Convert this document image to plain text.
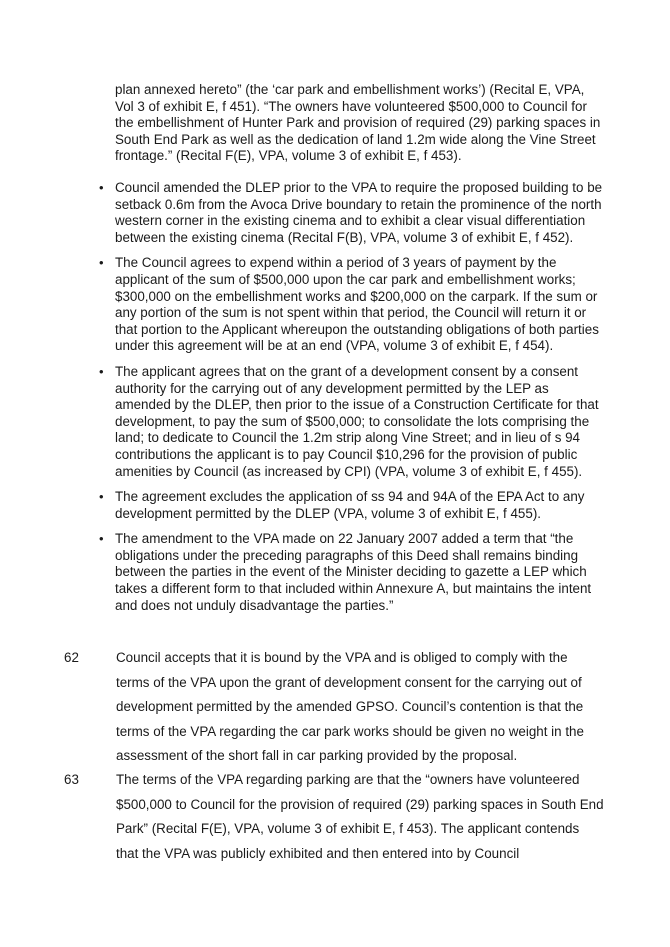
plan annexed hereto” (the ‘car park and embellishment works’) (Recital E, VPA, Vol 3 of exhibit E, f 451). “The owners have volunteered $500,000 to Council for the embellishment of Hunter Park and provision of required (29) parking spaces in South End Park as well as the dedication of land 1.2m wide along the Vine Street frontage.” (Recital F(E), VPA, volume 3 of exhibit E, f 453).

• Council amended the DLEP prior to the VPA to require the proposed building to be setback 0.6m from the Avoca Drive boundary to retain the prominence of the north western corner in the existing cinema and to exhibit a clear visual differentiation between the existing cinema (Recital F(B), VPA, volume 3 of exhibit E, f 452).
• The Council agrees to expend within a period of 3 years of payment by the applicant of the sum of $500,000 upon the car park and embellishment works; $300,000 on the embellishment works and $200,000 on the carpark. If the sum or any portion of the sum is not spent within that period, the Council will return it or that portion to the Applicant whereupon the outstanding obligations of both parties under this agreement will be at an end (VPA, volume 3 of exhibit E, f 454).
• The applicant agrees that on the grant of a development consent by a consent authority for the carrying out of any development permitted by the LEP as amended by the DLEP, then prior to the issue of a Construction Certificate for that development, to pay the sum of $500,000; to consolidate the lots comprising the land; to dedicate to Council the 1.2m strip along Vine Street; and in lieu of s 94 contributions the applicant is to pay Council $10,296 for the provision of public amenities by Council (as increased by CPI) (VPA, volume 3 of exhibit E, f 455).
• The agreement excludes the application of ss 94 and 94A of the EPA Act to any development permitted by the DLEP (VPA, volume 3 of exhibit E, f 455).
• The amendment to the VPA made on 22 January 2007 added a term that “the obligations under the preceding paragraphs of this Deed shall remains binding between the parties in the event of the Minister deciding to gazette a LEP which takes a different form to that included within Annexure A, but maintains the intent and does not unduly disadvantage the parties.”
62	Council accepts that it is bound by the VPA and is obliged to comply with the terms of the VPA upon the grant of development consent for the carrying out of development permitted by the amended GPSO. Council’s contention is that the terms of the VPA regarding the car park works should be given no weight in the assessment of the short fall in car parking provided by the proposal.
63	The terms of the VPA regarding parking are that the “owners have volunteered $500,000 to Council for the provision of required (29) parking spaces in South End Park” (Recital F(E), VPA, volume 3 of exhibit E, f 453). The applicant contends that the VPA was publicly exhibited and then entered into by Council
